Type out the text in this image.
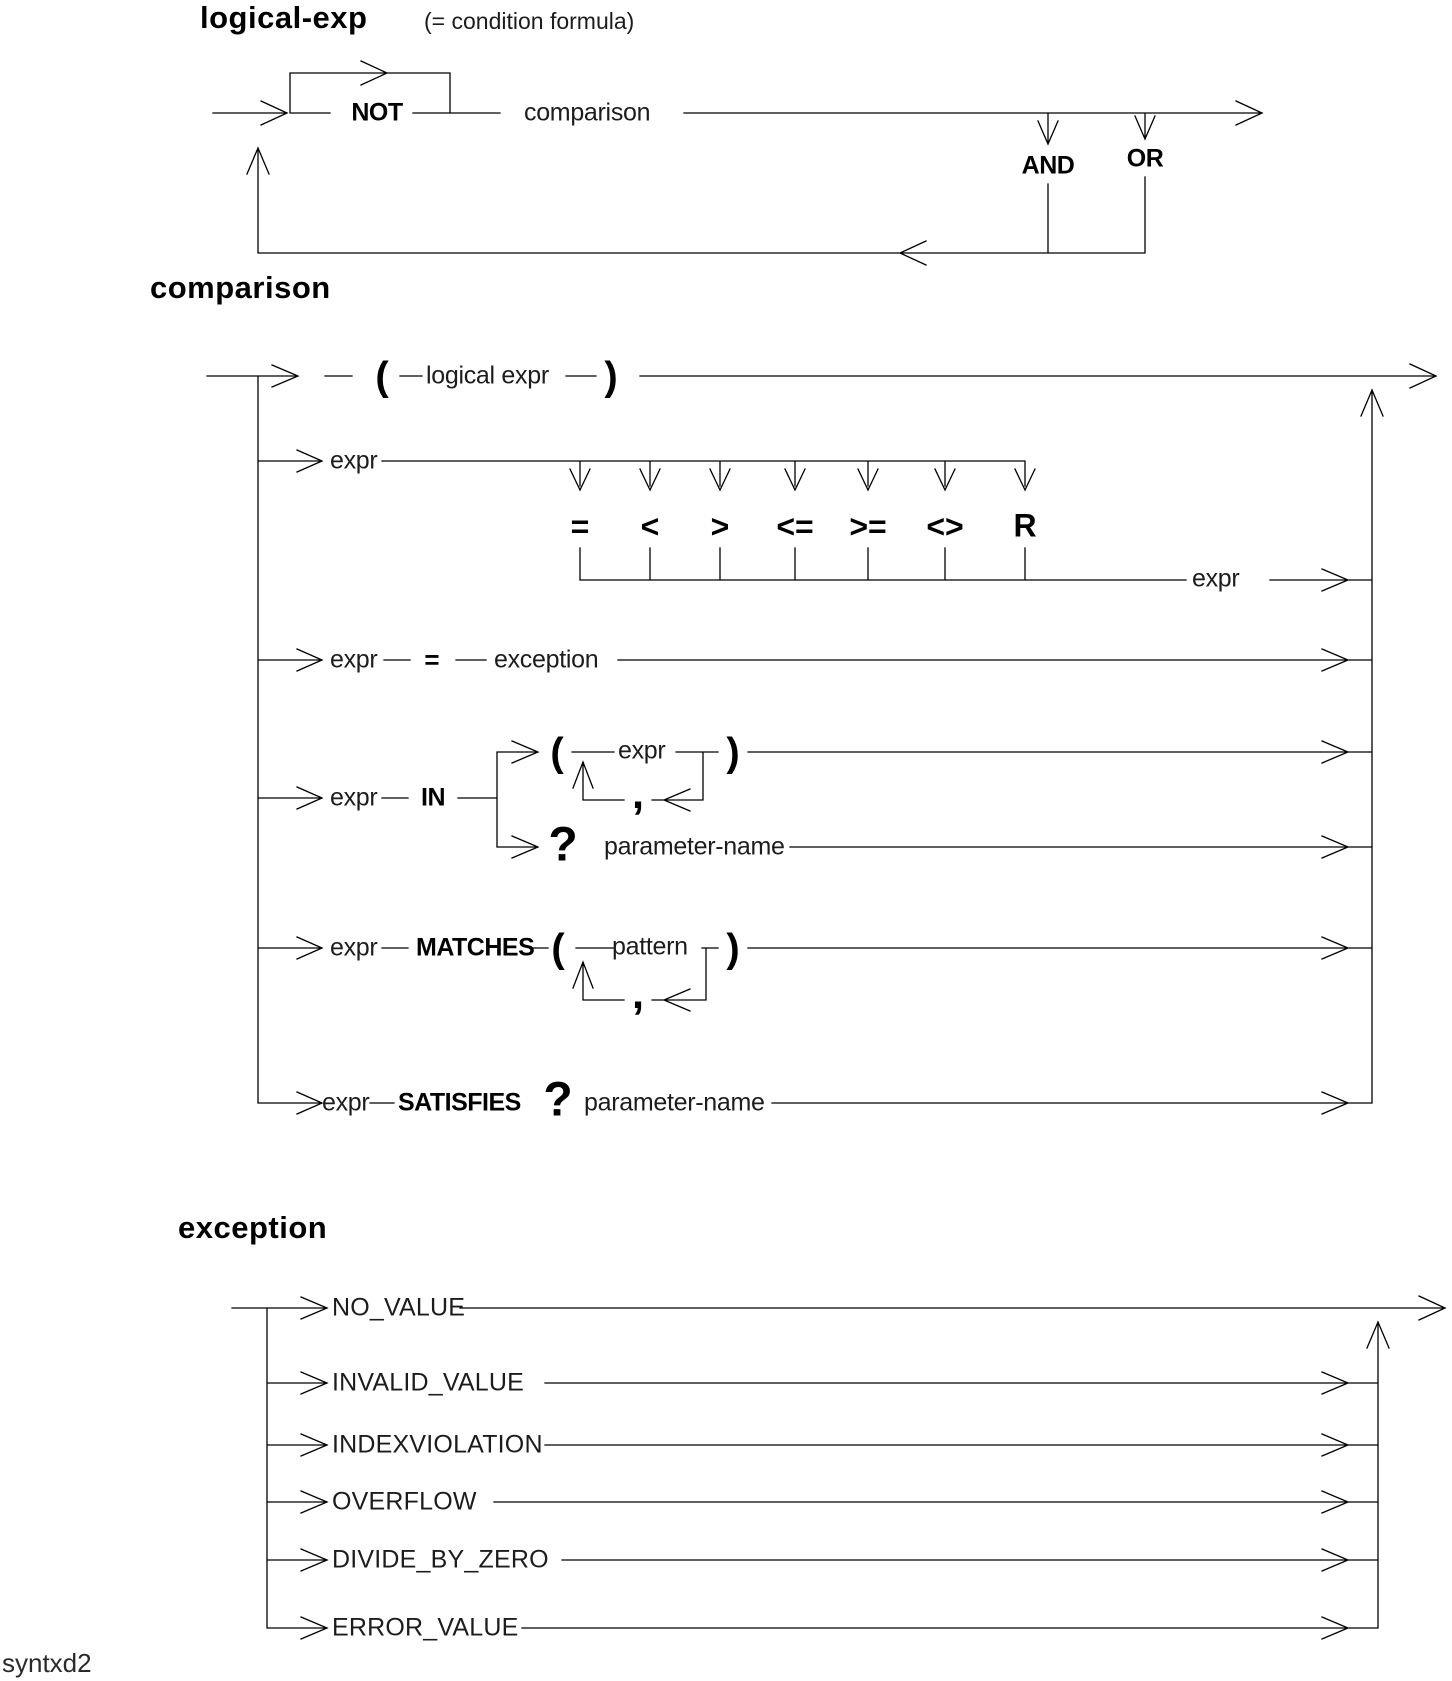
logical-exp (= condition formula)
NOT	comparison
AND OR
comparison
( logical expr )
expr
= < > <= >= <> R
expr
expr = exception
expr IN
( expr )
,
? parameter-name
expr MATCHES ( pattern )
,
expr SATISFIES ? parameter-name
exception
NO_VALUE
INVALID_VALUE
INDEXVIOLATION
OVERFLOW
DIVIDE_BY_ZERO
ERROR_VALUE
syntxd2
